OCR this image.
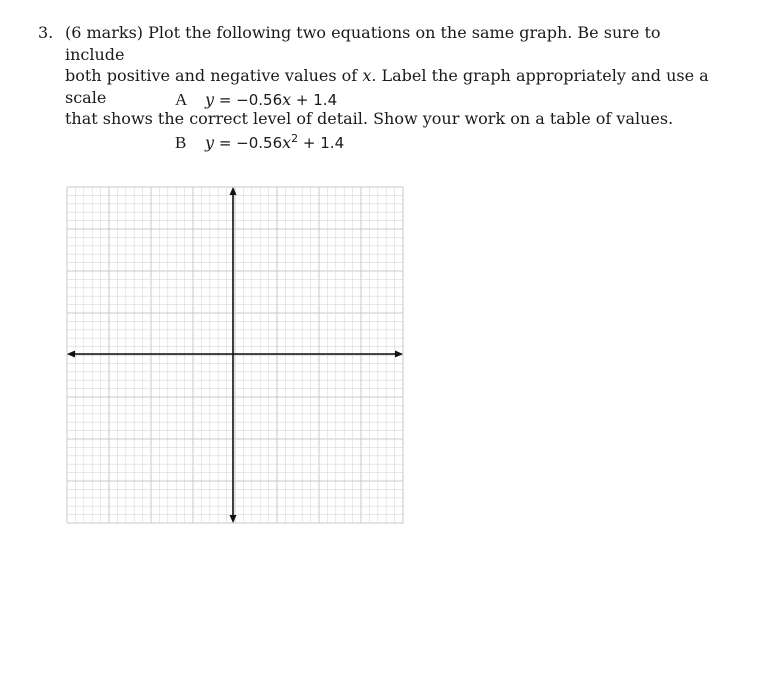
3. (6 marks) Plot the following two equations on the same graph. Be sure to include
both positive and negative values of x. Label the graph appropriately and use a scale
that shows the correct level of detail. Show your work on a table of values.
A y = −0.56x + 1.4
B $y = -0.56x^2 + 1.4$
